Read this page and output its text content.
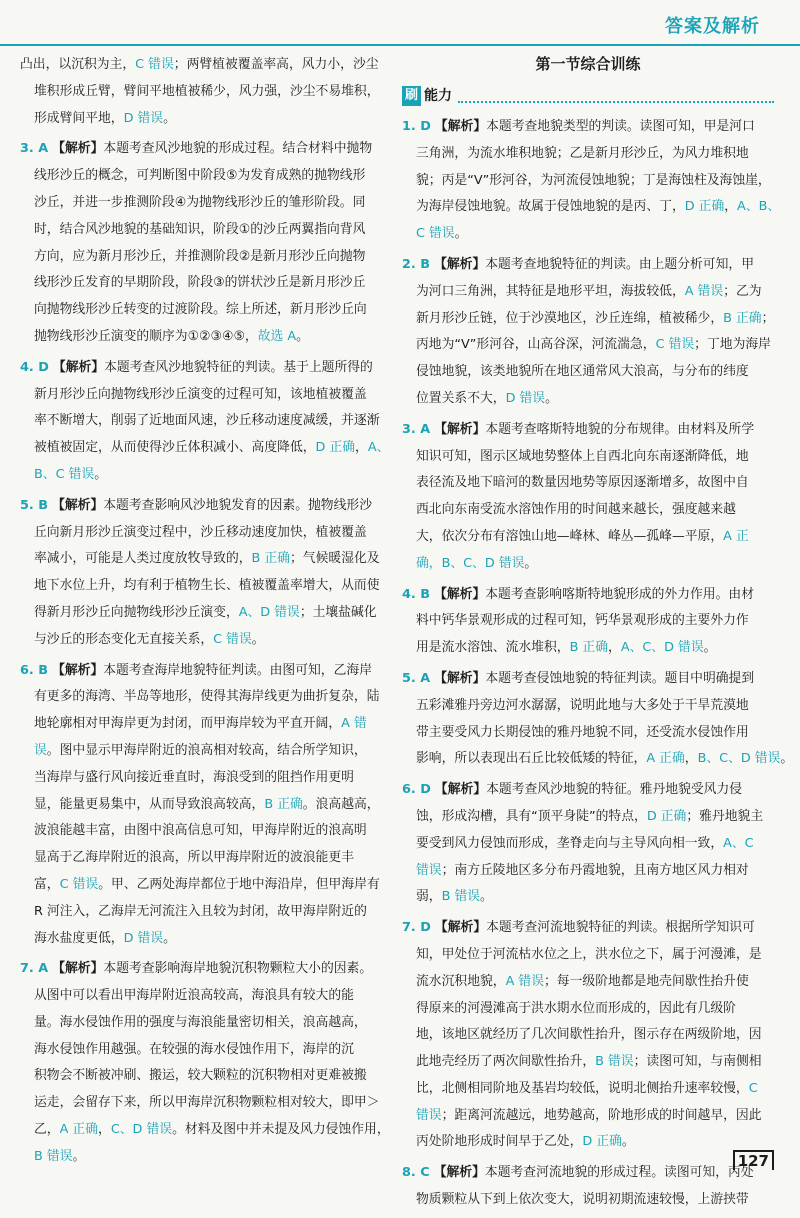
答案及解析
凸出，以沉积为主，C 错误；两臂植被覆盖率高，风力小，沙尘
堆积形成丘臂，臂间平地植被稀少，风力强，沙尘不易堆积，
形成臂间平地，D 错误。
3. A 【解析】本题考查风沙地貌的形成过程。结合材料中抛物
线形沙丘的概念，可判断图中阶段⑤为发育成熟的抛物线形
沙丘，并进一步推测阶段④为抛物线形沙丘的雏形阶段。同
时，结合风沙地貌的基础知识，阶段①的沙丘两翼指向背风
方向，应为新月形沙丘，并推测阶段②是新月形沙丘向抛物
线形沙丘发育的早期阶段，阶段③的饼状沙丘是新月形沙丘
向抛物线形沙丘转变的过渡阶段。综上所述，新月形沙丘向
抛物线形沙丘演变的顺序为①②③④⑤，故选 A。
4. D 【解析】本题考查风沙地貌特征的判读。基于上题所得的
新月形沙丘向抛物线形沙丘演变的过程可知，该地植被覆盖
率不断增大，削弱了近地面风速，沙丘移动速度减缓，并逐渐
被植被固定，从而使得沙丘体积减小、高度降低，D 正确，A、
B、C 错误。
5. B 【解析】本题考查影响风沙地貌发育的因素。抛物线形沙
丘向新月形沙丘演变过程中，沙丘移动速度加快，植被覆盖
率减小，可能是人类过度放牧导致的，B 正确；气候暖湿化及
地下水位上升，均有利于植物生长、植被覆盖率增大，从而使
得新月形沙丘向抛物线形沙丘演变，A、D 错误；土壤盐碱化
与沙丘的形态变化无直接关系，C 错误。
6. B 【解析】本题考查海岸地貌特征判读。由图可知，乙海岸
有更多的海湾、半岛等地形，使得其海岸线更为曲折复杂，陆
地轮廓相对甲海岸更为封闭，而甲海岸较为平直开阔，A 错
误。图中显示甲海岸附近的浪高相对较高，结合所学知识，
当海岸与盛行风向接近垂直时，海浪受到的阻挡作用更明
显，能量更易集中，从而导致浪高较高，B 正确。浪高越高，
波浪能越丰富，由图中浪高信息可知，甲海岸附近的浪高明
显高于乙海岸附近的浪高，所以甲海岸附近的波浪能更丰
富，C 错误。甲、乙两处海岸都位于地中海沿岸，但甲海岸有
R 河注入，乙海岸无河流注入且较为封闭，故甲海岸附近的
海水盐度更低，D 错误。
7. A 【解析】本题考查影响海岸地貌沉积物颗粒大小的因素。
从图中可以看出甲海岸附近浪高较高，海浪具有较大的能
量。海水侵蚀作用的强度与海浪能量密切相关，浪高越高，
海水侵蚀作用越强。在较强的海水侵蚀作用下，海岸的沉
积物会不断被冲刷、搬运，较大颗粒的沉积物相对更难被搬
运走，会留存下来，所以甲海岸沉积物颗粒相对较大，即甲＞
乙，A 正确，C、D 错误。材料及图中并未提及风力侵蚀作用，
B 错误。
第一节综合训练
刷 能力
1. D 【解析】本题考查地貌类型的判读。读图可知，甲是河口
三角洲，为流水堆积地貌；乙是新月形沙丘，为风力堆积地
貌；丙是“V”形河谷，为河流侵蚀地貌；丁是海蚀柱及海蚀崖，
为海岸侵蚀地貌。故属于侵蚀地貌的是丙、丁，D 正确，A、B、
C 错误。
2. B 【解析】本题考查地貌特征的判读。由上题分析可知，甲
为河口三角洲，其特征是地形平坦，海拔较低，A 错误；乙为
新月形沙丘链，位于沙漠地区，沙丘连绵，植被稀少，B 正确；
丙地为“V”形河谷，山高谷深，河流湍急，C 错误；丁地为海岸
侵蚀地貌，该类地貌所在地区通常风大浪高，与分布的纬度
位置关系不大，D 错误。
3. A 【解析】本题考查喀斯特地貌的分布规律。由材料及所学
知识可知，图示区域地势整体上自西北向东南逐渐降低，地
表径流及地下暗河的数量因地势等原因逐渐增多，故图中自
西北向东南受流水溶蚀作用的时间越来越长，强度越来越
大，依次分布有溶蚀山地—峰林、峰丛—孤峰—平原，A 正
确，B、C、D 错误。
4. B 【解析】本题考查影响喀斯特地貌形成的外力作用。由材
料中钙华景观形成的过程可知，钙华景观形成的主要外力作
用是流水溶蚀、流水堆积，B 正确，A、C、D 错误。
5. A 【解析】本题考查侵蚀地貌的特征判读。题目中明确提到
五彩滩雅丹旁边河水潺潺，说明此地与大多处于干旱荒漠地
带主要受风力长期侵蚀的雅丹地貌不同，还受流水侵蚀作用
影响，所以表现出石丘比较低矮的特征，A 正确，B、C、D 错误。
6. D 【解析】本题考查风沙地貌的特征。雅丹地貌受风力侵
蚀，形成沟槽，具有“顶平身陡”的特点，D 正确；雅丹地貌主
要受到风力侵蚀而形成，垄脊走向与主导风向相一致，A、C
错误；南方丘陵地区多分布丹霞地貌，且南方地区风力相对
弱，B 错误。
7. D 【解析】本题考查河流地貌特征的判读。根据所学知识可
知，甲处位于河流枯水位之上，洪水位之下，属于河漫滩，是
流水沉积地貌，A 错误；每一级阶地都是地壳间歇性抬升使
得原来的河漫滩高于洪水期水位而形成的，因此有几级阶
地，该地区就经历了几次间歇性抬升，图示存在两级阶地，因
此地壳经历了两次间歇性抬升，B 错误；读图可知，与南侧相
比，北侧相同阶地及基岩均较低，说明北侧抬升速率较慢，C
错误；距离河流越远，地势越高，阶地形成的时间越早，因此
丙处阶地形成时间早于乙处，D 正确。
8. C 【解析】本题考查河流地貌的形成过程。读图可知，丙处
物质颗粒从下到上依次变大，说明初期流速较慢，上游挟带
127
